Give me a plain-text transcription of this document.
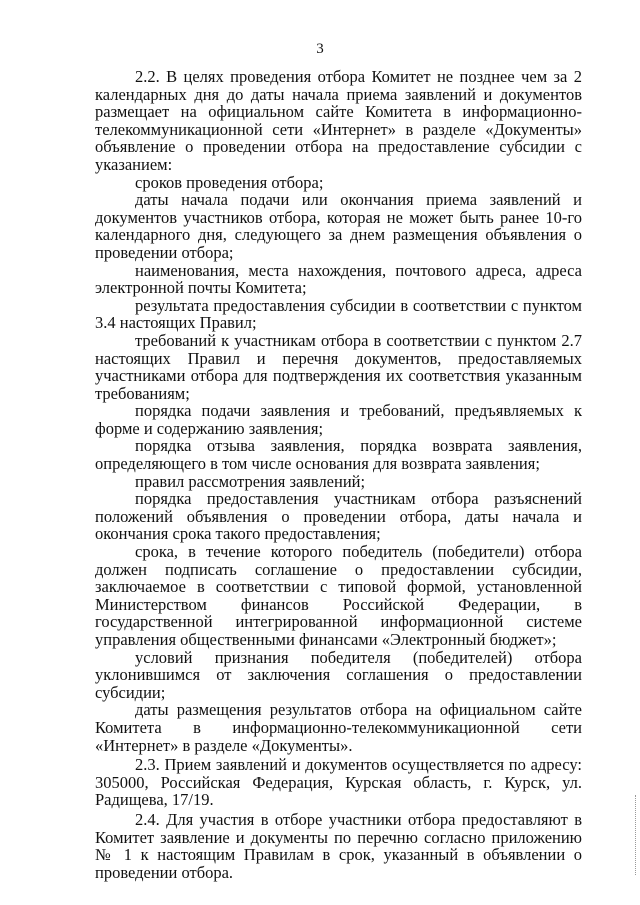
3

2.2. В целях проведения отбора Комитет не позднее чем за 2 календарных дня до даты начала приема заявлений и документов размещает на официальном сайте Комитета в информационно-телекоммуникационной сети «Интернет» в разделе «Документы» объявление о проведении отбора на предоставление субсидии с указанием:

сроков проведения отбора;

даты начала подачи или окончания приема заявлений и документов участников отбора, которая не может быть ранее 10-го календарного дня, следующего за днем размещения объявления о проведении отбора;

наименования, места нахождения, почтового адреса, адреса электронной почты Комитета;

результата предоставления субсидии в соответствии с пунктом 3.4 настоящих Правил;

требований к участникам отбора в соответствии с пунктом 2.7 настоящих Правил и перечня документов, предоставляемых участниками отбора для подтверждения их соответствия указанным требованиям;

порядка подачи заявления и требований, предъявляемых к форме и содержанию заявления;

порядка отзыва заявления, порядка возврата заявления, определяющего в том числе основания для возврата заявления;

правил рассмотрения заявлений;

порядка предоставления участникам отбора разъяснений положений объявления о проведении отбора, даты начала и окончания срока такого предоставления;

срока, в течение которого победитель (победители) отбора должен подписать соглашение о предоставлении субсидии, заключаемое в соответствии с типовой формой, установленной Министерством финансов Российской Федерации, в государственной интегрированной информационной системе управления общественными финансами «Электронный бюджет»;

условий признания победителя (победителей) отбора уклонившимся от заключения соглашения о предоставлении субсидии;

даты размещения результатов отбора на официальном сайте Комитета в информационно-телекоммуникационной сети «Интернет» в разделе «Документы».

2.3. Прием заявлений и документов осуществляется по адресу: 305000, Российская Федерация, Курская область, г. Курск, ул. Радищева, 17/19.

2.4. Для участия в отборе участники отбора предоставляют в Комитет заявление и документы по перечню согласно приложению № 1 к настоящим Правилам в срок, указанный в объявлении о проведении отбора.
